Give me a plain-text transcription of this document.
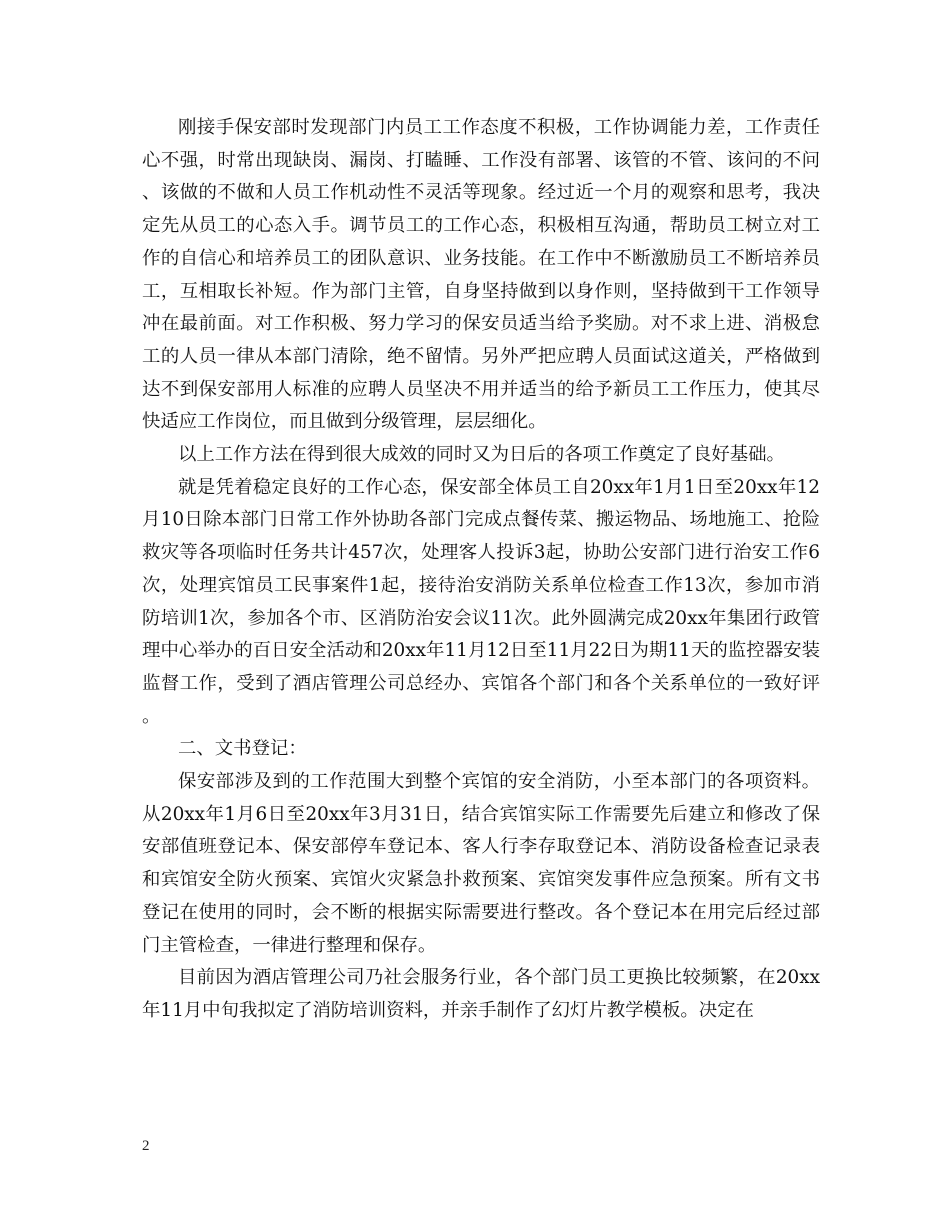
刚接手保安部时发现部门内员工工作态度不积极，工作协调能力差，工作责任心不强，时常出现缺岗、漏岗、打瞌睡、工作没有部署、该管的不管、该问的不问、该做的不做和人员工作机动性不灵活等现象。经过近一个月的观察和思考，我决定先从员工的心态入手。调节员工的工作心态，积极相互沟通，帮助员工树立对工作的自信心和培养员工的团队意识、业务技能。在工作中不断激励员工不断培养员工，互相取长补短。作为部门主管，自身坚持做到以身作则，坚持做到干工作领导冲在最前面。对工作积极、努力学习的保安员适当给予奖励。对不求上进、消极怠工的人员一律从本部门清除，绝不留情。另外严把应聘人员面试这道关，严格做到达不到保安部用人标准的应聘人员坚决不用并适当的给予新员工工作压力，使其尽快适应工作岗位，而且做到分级管理，层层细化。

以上工作方法在得到很大成效的同时又为日后的各项工作奠定了良好基础。

就是凭着稳定良好的工作心态，保安部全体员工自20xx年1月1日至20xx年12月10日除本部门日常工作外协助各部门完成点餐传菜、搬运物品、场地施工、抢险救灾等各项临时任务共计457次，处理客人投诉3起，协助公安部门进行治安工作6次，处理宾馆员工民事案件1起，接待治安消防关系单位检查工作13次，参加市消防培训1次，参加各个市、区消防治安会议11次。此外圆满完成20xx年集团行政管理中心举办的百日安全活动和20xx年11月12日至11月22日为期11天的监控器安装监督工作，受到了酒店管理公司总经办、宾馆各个部门和各个关系单位的一致好评。

二、文书登记：

保安部涉及到的工作范围大到整个宾馆的安全消防，小至本部门的各项资料。从20xx年1月6日至20xx年3月31日，结合宾馆实际工作需要先后建立和修改了保安部值班登记本、保安部停车登记本、客人行李存取登记本、消防设备检查记录表和宾馆安全防火预案、宾馆火灾紧急扑救预案、宾馆突发事件应急预案。所有文书登记在使用的同时，会不断的根据实际需要进行整改。各个登记本在用完后经过部门主管检查，一律进行整理和保存。

目前因为酒店管理公司乃社会服务行业，各个部门员工更换比较频繁，在20xx年11月中旬我拟定了消防培训资料，并亲手制作了幻灯片教学模板。决定在

2
